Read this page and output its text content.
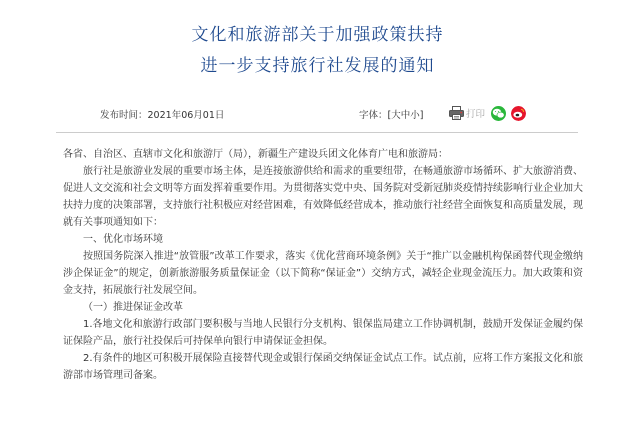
文化和旅游部关于加强政策扶持
进一步支持旅行社发展的通知
发布时间：2021年06月01日	字体：[大中小]	打印

各省、自治区、直辖市文化和旅游厅（局），新疆生产建设兵团文化体育广电和旅游局：

旅行社是旅游业发展的重要市场主体，是连接旅游供给和需求的重要纽带，在畅通旅游市场循环、扩大旅游消费、促进人文交流和社会文明等方面发挥着重要作用。为贯彻落实党中央、国务院对受新冠肺炎疫情持续影响行业企业加大扶持力度的决策部署，支持旅行社积极应对经营困难，有效降低经营成本，推动旅行社经营全面恢复和高质量发展，现就有关事项通知如下：

一、优化市场环境

按照国务院深入推进“放管服”改革工作要求，落实《优化营商环境条例》关于“推广以金融机构保函替代现金缴纳涉企保证金”的规定，创新旅游服务质量保证金（以下简称“保证金”）交纳方式，减轻企业现金流压力。加大政策和资金支持，拓展旅行社发展空间。

（一）推进保证金改革

1.各地文化和旅游行政部门要积极与当地人民银行分支机构、银保监局建立工作协调机制，鼓励开发保证金履约保证保险产品，旅行社投保后可持保单向银行申请保证金担保。

2.有条件的地区可积极开展保险直接替代现金或银行保函交纳保证金试点工作。试点前，应将工作方案报文化和旅游部市场管理司备案。
